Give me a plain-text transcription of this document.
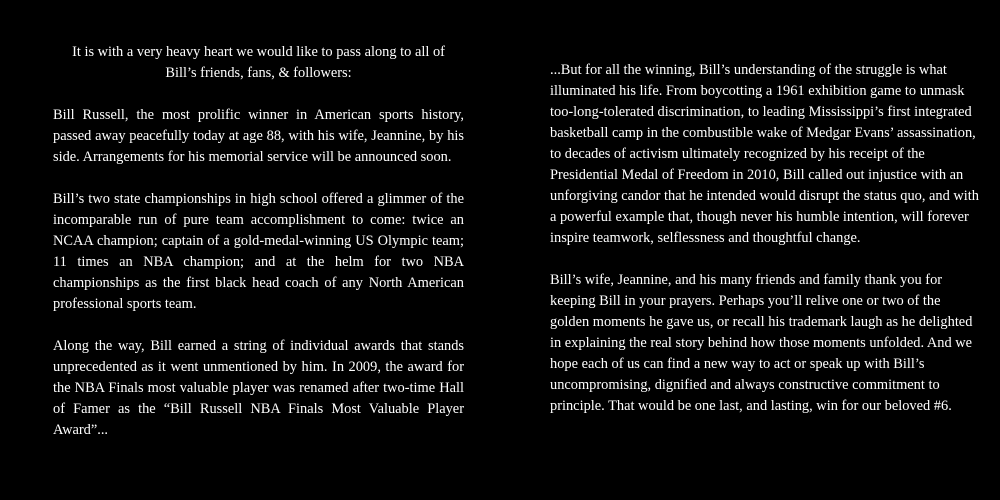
It is with a very heavy heart we would like to pass along to all of
Bill’s friends, fans, & followers:

Bill Russell, the most prolific winner in American sports history, passed away peacefully today at age 88, with his wife, Jeannine, by his side. Arrangements for his memorial service will be announced soon.

Bill’s two state championships in high school offered a glimmer of the incomparable run of pure team accomplishment to come: twice an NCAA champion; captain of a gold-medal-winning US Olympic team; 11 times an NBA champion; and at the helm for two NBA championships as the first black head coach of any North American professional sports team.

Along the way, Bill earned a string of individual awards that stands unprecedented as it went unmentioned by him. In 2009, the award for the NBA Finals most valuable player was renamed after two-time Hall of Famer as the “Bill Russell NBA Finals Most Valuable Player Award”...

...But for all the winning, Bill’s understanding of the struggle is what illuminated his life. From boycotting a 1961 exhibition game to unmask too-long-tolerated discrimination, to leading Mississippi’s first integrated basketball camp in the combustible wake of Medgar Evans’ assassination, to decades of activism ultimately recognized by his receipt of the Presidential Medal of Freedom in 2010, Bill called out injustice with an unforgiving candor that he intended would disrupt the status quo, and with a powerful example that, though never his humble intention, will forever inspire teamwork, selflessness and thoughtful change.

Bill’s wife, Jeannine, and his many friends and family thank you for keeping Bill in your prayers. Perhaps you’ll relive one or two of the golden moments he gave us, or recall his trademark laugh as he delighted in explaining the real story behind how those moments unfolded. And we hope each of us can find a new way to act or speak up with Bill’s uncompromising, dignified and always constructive commitment to principle. That would be one last, and lasting, win for our beloved #6.
